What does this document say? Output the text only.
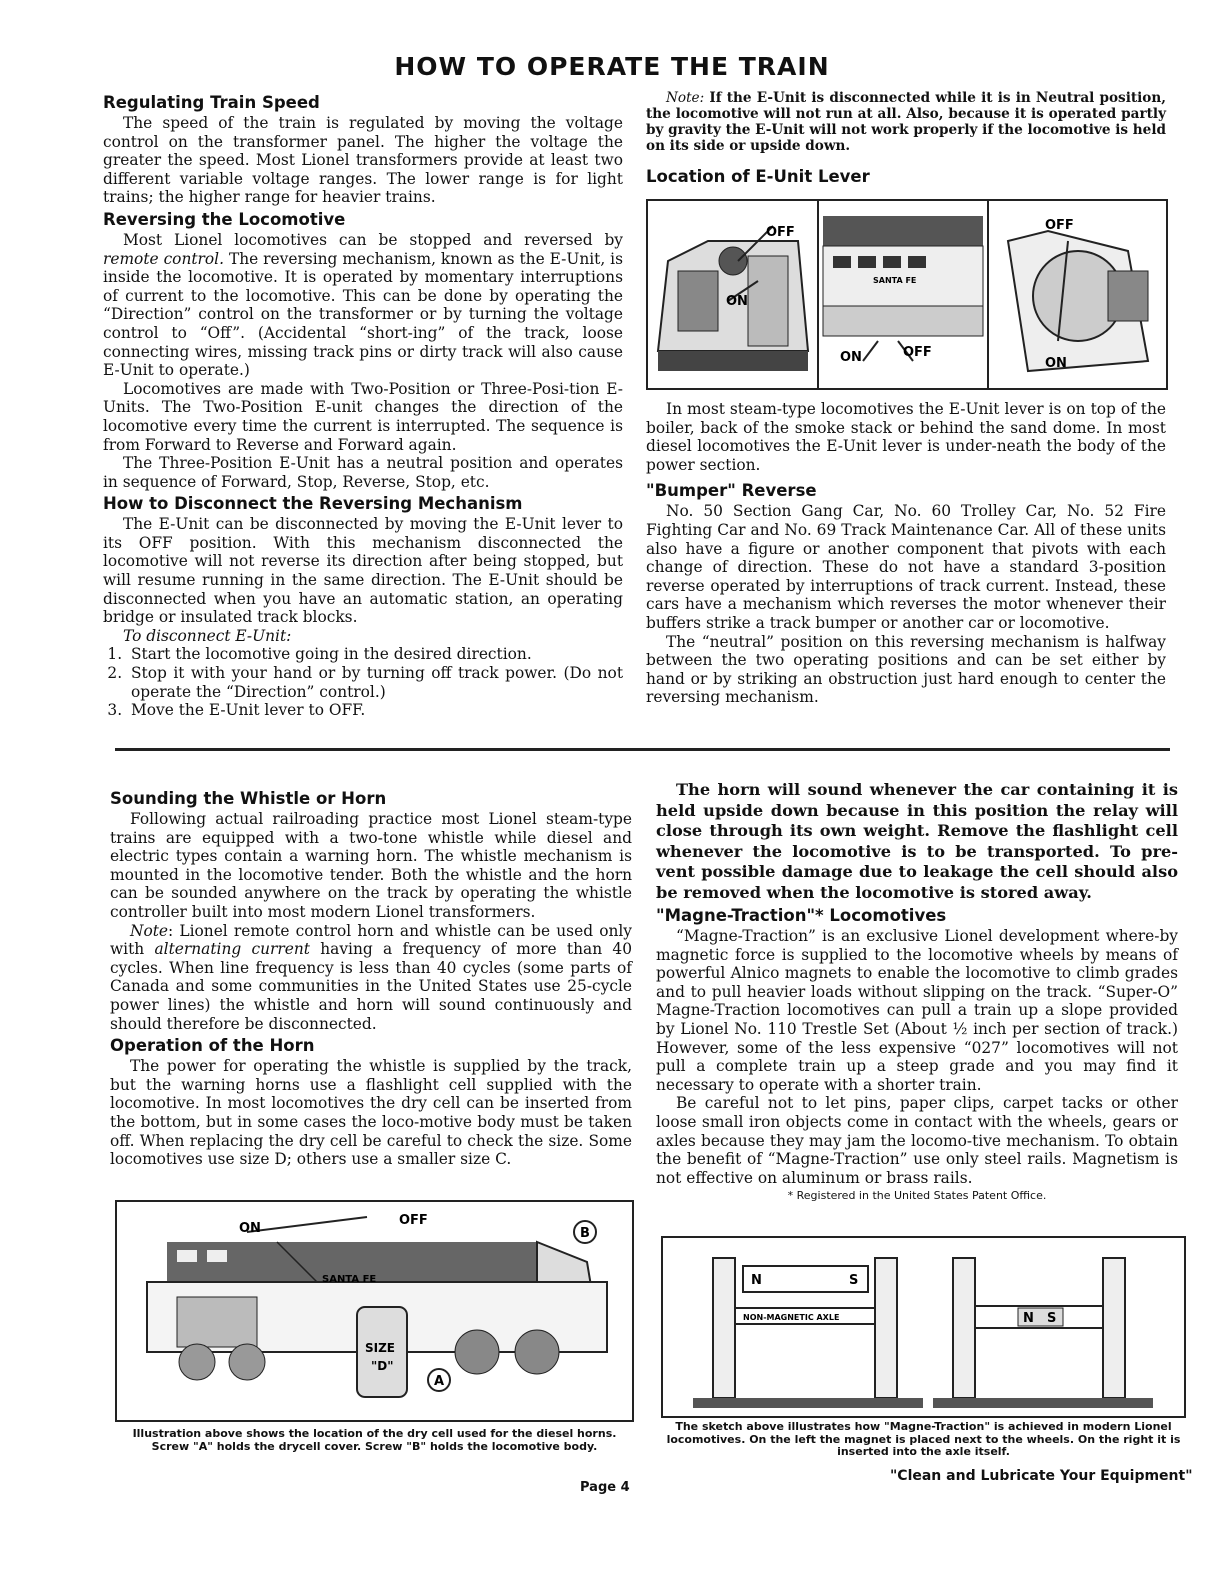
HOW TO OPERATE THE TRAIN
Regulating Train Speed

The speed of the train is regulated by moving the voltage control on the transformer panel. The higher the voltage the greater the speed. Most Lionel transformers provide at least two different variable voltage ranges. The lower range is for light trains; the higher range for heavier trains.

Reversing the Locomotive

Most Lionel locomotives can be stopped and reversed by remote control. The reversing mechanism, known as the E-Unit, is inside the locomotive. It is operated by momentary interruptions of current to the locomotive. This can be done by operating the “Direction” control on the transformer or by turning the voltage control to “Off”. (Accidental “short-ing” of the track, loose connecting wires, missing track pins or dirty track will also cause E-Unit to operate.)

Locomotives are made with Two-Position or Three-Posi-tion E-Units. The Two-Position E-unit changes the direction of the locomotive every time the current is interrupted. The sequence is from Forward to Reverse and Forward again.

The Three-Position E-Unit has a neutral position and operates in sequence of Forward, Stop, Reverse, Stop, etc.

How to Disconnect the Reversing Mechanism

The E-Unit can be disconnected by moving the E-Unit lever to its OFF position. With this mechanism disconnected the locomotive will not reverse its direction after being stopped, but will resume running in the same direction. The E-Unit should be disconnected when you have an automatic station, an operating bridge or insulated track blocks.

To disconnect E-Unit:
1. Start the locomotive going in the desired direction.
2. Stop it with your hand or by turning off track power. (Do not operate the “Direction” control.)
3. Move the E-Unit lever to OFF.

Note: If the E-Unit is disconnected while it is in Neutral position, the locomotive will not run at all. Also, because it is operated partly by gravity the E-Unit will not work properly if the locomotive is held on its side or upside down.

Location of E-Unit Lever

In most steam-type locomotives the E-Unit lever is on top of the boiler, back of the smoke stack or behind the sand dome. In most diesel locomotives the E-Unit lever is under-neath the body of the power section.

"Bumper" Reverse

No. 50 Section Gang Car, No. 60 Trolley Car, No. 52 Fire Fighting Car and No. 69 Track Maintenance Car. All of these units also have a figure or another component that pivots with each change of direction. These do not have a standard 3-position reverse operated by interruptions of track current. Instead, these cars have a mechanism which reverses the motor whenever their buffers strike a track bumper or another car or locomotive.

The “neutral” position on this reversing mechanism is halfway between the two operating positions and can be set either by hand or by striking an obstruction just hard enough to center the reversing mechanism.

OFF
ON
SANTA FE
ON	OFF
OFF
ON
Sounding the Whistle or Horn

Following actual railroading practice most Lionel steam-type trains are equipped with a two-tone whistle while diesel and electric types contain a warning horn. The whistle mechanism is mounted in the locomotive tender. Both the whistle and the horn can be sounded anywhere on the track by operating the whistle controller built into most modern Lionel transformers.

Note: Lionel remote control horn and whistle can be used only with alternating current having a frequency of more than 40 cycles. When line frequency is less than 40 cycles (some parts of Canada and some communities in the United States use 25-cycle power lines) the whistle and horn will sound continuously and should therefore be disconnected.

Operation of the Horn

The power for operating the whistle is supplied by the track, but the warning horns use a flashlight cell supplied with the locomotive. In most locomotives the dry cell can be inserted from the bottom, but in some cases the loco-motive body must be taken off. When replacing the dry cell be careful to check the size. Some locomotives use size D; others use a smaller size C.

SANTA FE
ON
OFF
SIZE
"D"
B
A
Illustration above shows the location of the dry cell used for the diesel horns. Screw "A" holds the drycell cover. Screw "B" holds the locomotive body.

The horn will sound whenever the car containing it is held upside down because in this position the relay will close through its own weight. Remove the flashlight cell whenever the locomotive is to be transported. To pre-vent possible damage due to leakage the cell should also be removed when the locomotive is stored away.

"Magne-Traction"* Locomotives

“Magne-Traction” is an exclusive Lionel development where-by magnetic force is supplied to the locomotive wheels by means of powerful Alnico magnets to enable the locomotive to climb grades and to pull heavier loads without slipping on the track. “Super-O” Magne-Traction locomotives can pull a train up a slope provided by Lionel No. 110 Trestle Set (About ½ inch per section of track.) However, some of the less expensive “027” locomotives will not pull a complete train up a steep grade and you may find it necessary to operate with a shorter train.

Be careful not to let pins, paper clips, carpet tacks or other loose small iron objects come in contact with the wheels, gears or axles because they may jam the locomo-tive mechanism. To obtain the benefit of “Magne-Traction” use only steel rails. Magnetism is not effective on aluminum or brass rails.

* Registered in the United States Patent Office.

N	S
NON-MAGNETIC AXLE	N S
The sketch above illustrates how "Magne-Traction" is achieved in modern Lionel locomotives. On the left the magnet is placed next to the wheels. On the right it is inserted into the axle itself.
"Clean and Lubricate Your Equipment"
Page 4
